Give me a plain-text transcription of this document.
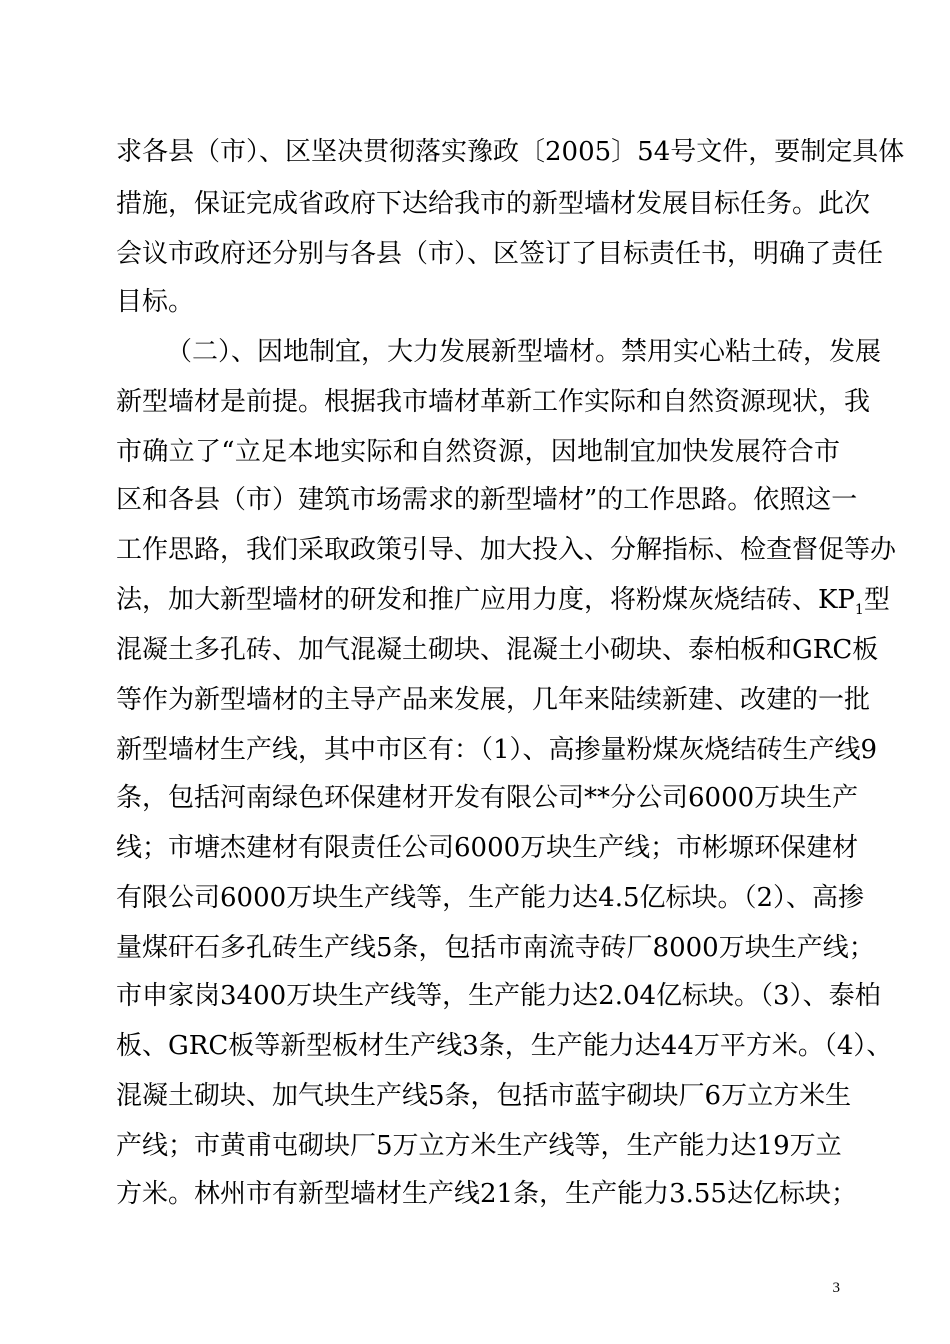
求各县（市）、区坚决贯彻落实豫政〔2005〕54号文件，要制定具体
措施，保证完成省政府下达给我市的新型墙材发展目标任务。此次
会议市政府还分别与各县（市）、区签订了目标责任书，明确了责任
目标。
（二）、因地制宜，大力发展新型墙材。禁用实心粘土砖，发展
新型墙材是前提。根据我市墙材革新工作实际和自然资源现状，我
市确立了“立足本地实际和自然资源，因地制宜加快发展符合市
区和各县（市）建筑市场需求的新型墙材”的工作思路。依照这一
工作思路，我们采取政策引导、加大投入、分解指标、检查督促等办
法，加大新型墙材的研发和推广应用力度，将粉煤灰烧结砖、$KP_1$型
混凝土多孔砖、加气混凝土砌块、混凝土小砌块、泰柏板和GRC板
等作为新型墙材的主导产品来发展，几年来陆续新建、改建的一批
新型墙材生产线，其中市区有：（1）、高掺量粉煤灰烧结砖生产线9
条，包括河南绿色环保建材开发有限公司**分公司6000万块生产
线；市塘杰建材有限责任公司6000万块生产线；市彬塬环保建材
有限公司6000万块生产线等，生产能力达4.5亿标块。（2）、高掺
量煤矸石多孔砖生产线5条，包括市南流寺砖厂8000万块生产线；
市申家岗3400万块生产线等，生产能力达2.04亿标块。（3）、泰柏
板、GRC板等新型板材生产线3条，生产能力达44万平方米。（4）、
混凝土砌块、加气块生产线5条，包括市蓝宇砌块厂6万立方米生
产线；市黄甫屯砌块厂5万立方米生产线等，生产能力达19万立
方米。林州市有新型墙材生产线21条，生产能力3.55达亿标块；
3
